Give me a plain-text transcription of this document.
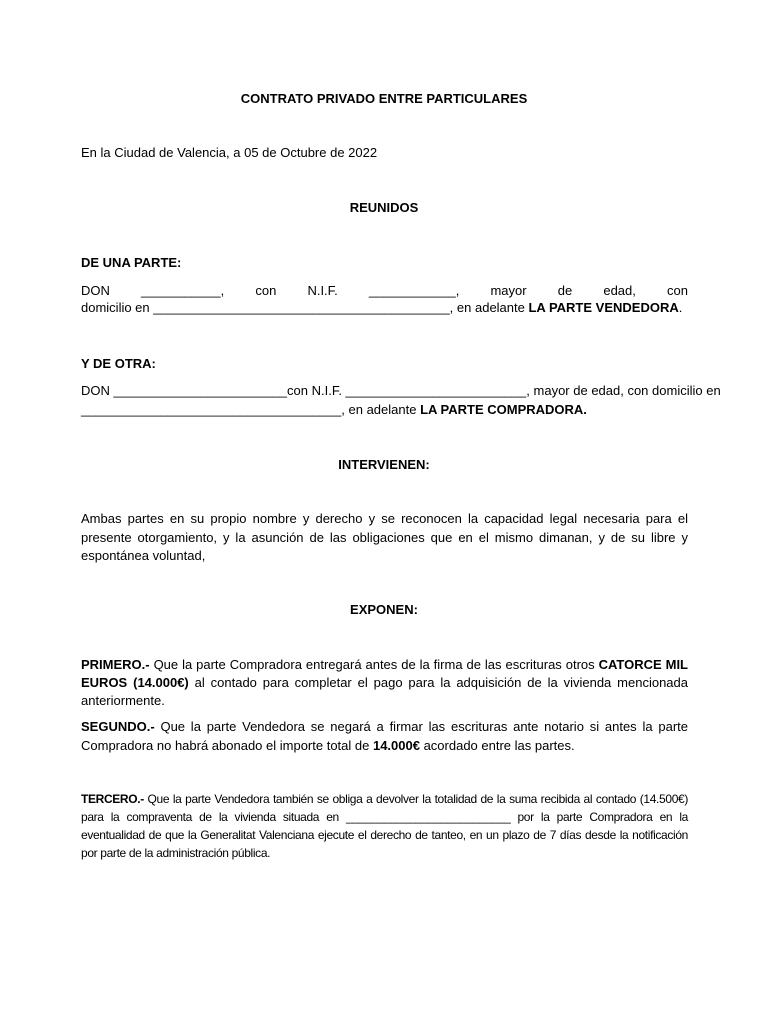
CONTRATO PRIVADO ENTRE PARTICULARES
En la Ciudad de Valencia, a 05 de Octubre de 2022
REUNIDOS
DE UNA PARTE:
DON ___________, con N.I.F. ____________, mayor de edad, con
domicilio en _________________________________________, en adelante LA PARTE VENDEDORA.
Y DE OTRA:
DON ________________________con N.I.F. _________________________, mayor de edad, con domicilio en
____________________________________, en adelante LA PARTE COMPRADORA.
INTERVIENEN:
Ambas partes en su propio nombre y derecho y se reconocen la capacidad legal necesaria para el
presente otorgamiento, y la asunción de las obligaciones que en el mismo dimanan, y de su libre y
espontánea voluntad,
EXPONEN:
PRIMERO.- Que la parte Compradora entregará antes de la firma de las escrituras otros CATORCE MIL
EUROS (14.000€) al contado para completar el pago para la adquisición de la vivienda mencionada
anteriormente.
SEGUNDO.- Que la parte Vendedora se negará a firmar las escrituras ante notario si antes la parte
Compradora no habrá abonado el importe total de 14.000€ acordado entre las partes.
TERCERO.- Que la parte Vendedora también se obliga a devolver la totalidad de la suma recibida al contado (14.500€)
para la compraventa de la vivienda situada en __________________________ por la parte Compradora en la
eventualidad de que la Generalitat Valenciana ejecute el derecho de tanteo, en un plazo de 7 días desde la notificación
por parte de la administración pública.
